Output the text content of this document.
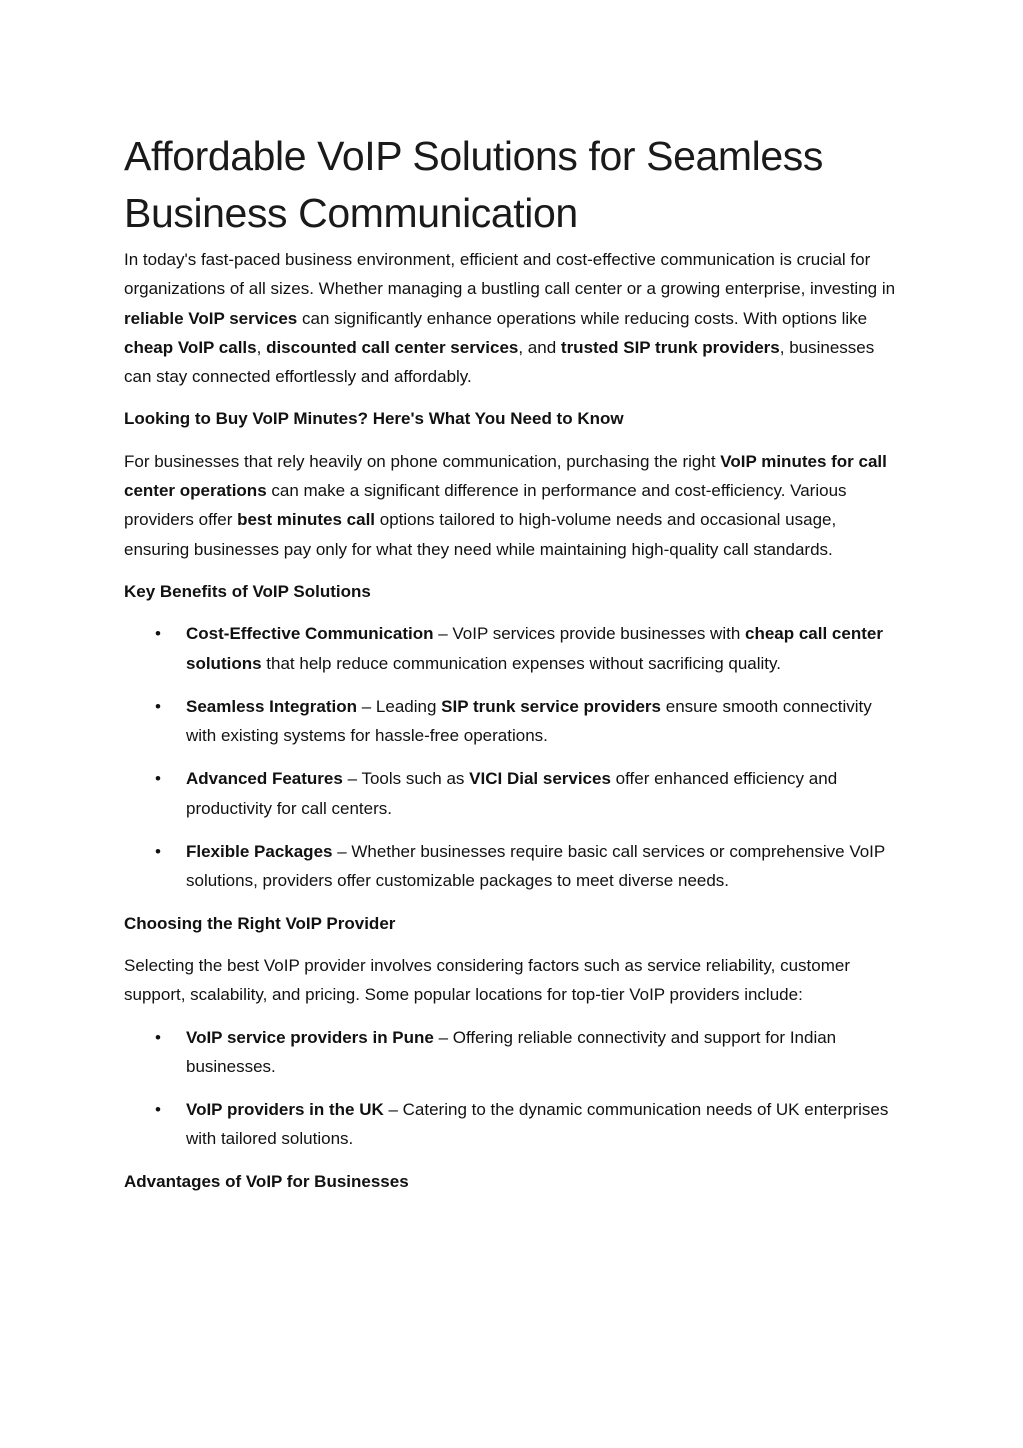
Affordable VoIP Solutions for Seamless Business Communication

In today's fast-paced business environment, efficient and cost-effective communication is crucial for organizations of all sizes. Whether managing a bustling call center or a growing enterprise, investing in reliable VoIP services can significantly enhance operations while reducing costs. With options like cheap VoIP calls, discounted call center services, and trusted SIP trunk providers, businesses can stay connected effortlessly and affordably.

Looking to Buy VoIP Minutes? Here's What You Need to Know

For businesses that rely heavily on phone communication, purchasing the right VoIP minutes for call center operations can make a significant difference in performance and cost-efficiency. Various providers offer best minutes call options tailored to high-volume needs and occasional usage, ensuring businesses pay only for what they need while maintaining high-quality call standards.

Key Benefits of VoIP Solutions
• Cost-Effective Communication – VoIP services provide businesses with cheap call center solutions that help reduce communication expenses without sacrificing quality.
• Seamless Integration – Leading SIP trunk service providers ensure smooth connectivity with existing systems for hassle-free operations.
• Advanced Features – Tools such as VICI Dial services offer enhanced efficiency and productivity for call centers.
• Flexible Packages – Whether businesses require basic call services or comprehensive VoIP solutions, providers offer customizable packages to meet diverse needs.
Choosing the Right VoIP Provider

Selecting the best VoIP provider involves considering factors such as service reliability, customer support, scalability, and pricing. Some popular locations for top-tier VoIP providers include:

• VoIP service providers in Pune – Offering reliable connectivity and support for Indian businesses.
• VoIP providers in the UK – Catering to the dynamic communication needs of UK enterprises with tailored solutions.
Advantages of VoIP for Businesses
